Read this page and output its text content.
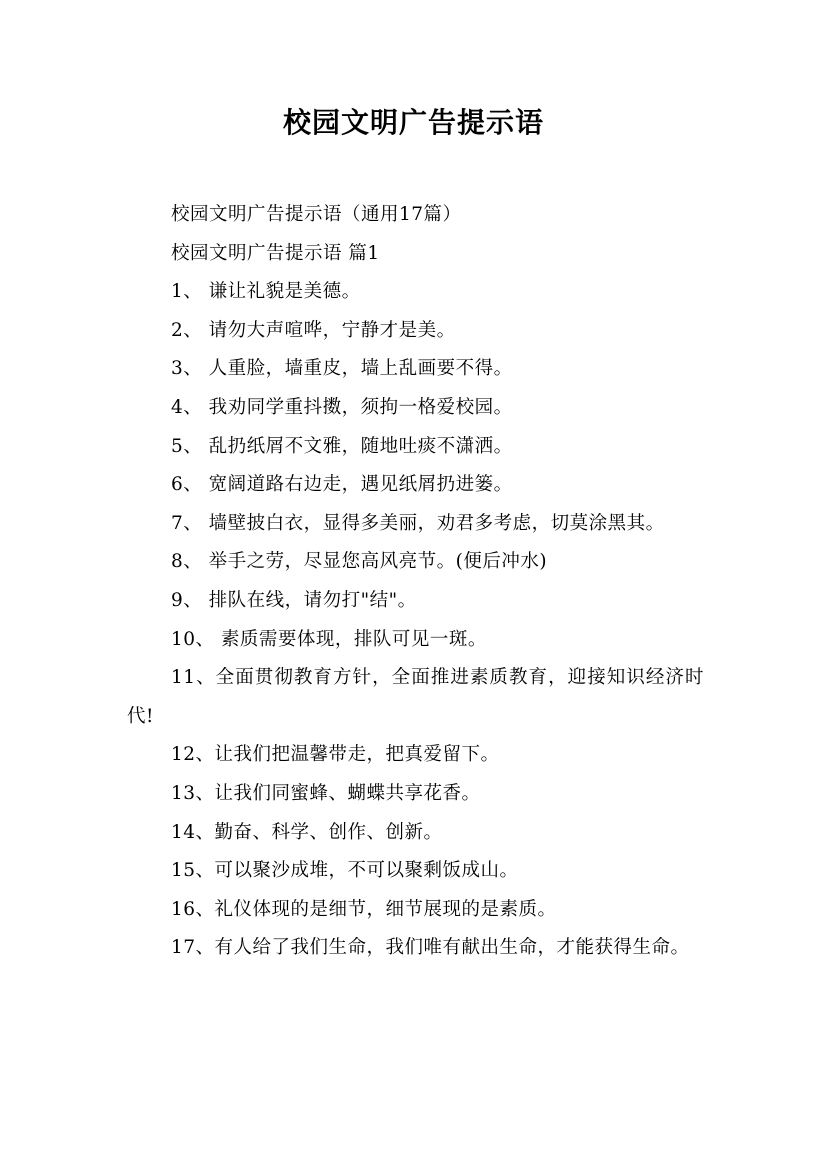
校园文明广告提示语

校园文明广告提示语（通用17篇）

校园文明广告提示语 篇1

1、 谦让礼貌是美德。

2、 请勿大声喧哗，宁静才是美。

3、 人重脸，墙重皮，墙上乱画要不得。

4、 我劝同学重抖擞，须拘一格爱校园。

5、 乱扔纸屑不文雅，随地吐痰不潇洒。

6、 宽阔道路右边走，遇见纸屑扔进篓。

7、 墙壁披白衣，显得多美丽，劝君多考虑，切莫涂黑其。

8、 举手之劳，尽显您高风亮节。(便后冲水)

9、 排队在线，请勿打"结"。

10、 素质需要体现，排队可见一斑。

11、全面贯彻教育方针，全面推进素质教育，迎接知识经济时代!

12、让我们把温馨带走，把真爱留下。

13、让我们同蜜蜂、蝴蝶共享花香。

14、勤奋、科学、创作、创新。

15、可以聚沙成堆，不可以聚剩饭成山。

16、礼仪体现的是细节，细节展现的是素质。

17、有人给了我们生命，我们唯有献出生命，才能获得生命。
